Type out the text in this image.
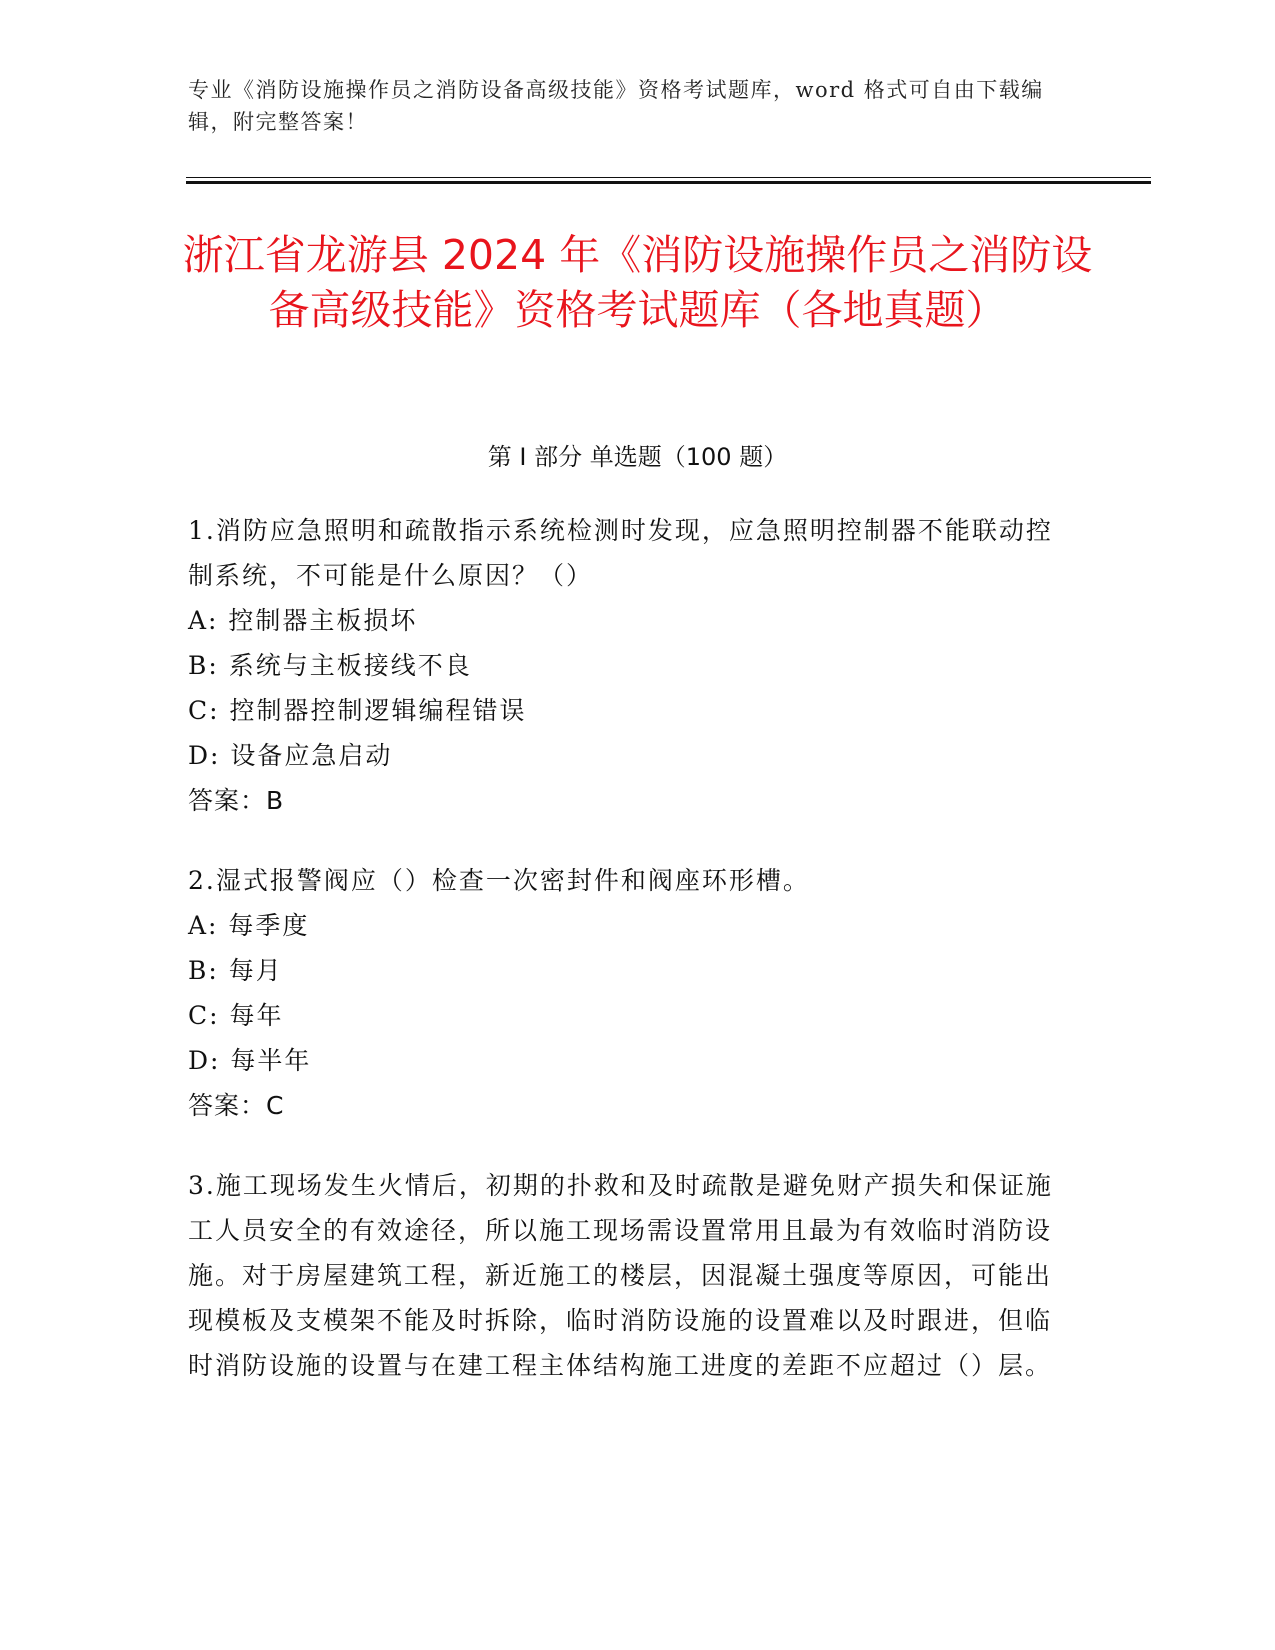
专业《消防设施操作员之消防设备高级技能》资格考试题库，word 格式可自由下载编辑，附完整答案！
浙江省龙游县 2024 年《消防设施操作员之消防设备高级技能》资格考试题库（各地真题）
第 I 部分 单选题（100 题）

1.消防应急照明和疏散指示系统检测时发现，应急照明控制器不能联动控制系统，不可能是什么原因？（）

A: 控制器主板损坏

B: 系统与主板接线不良

C: 控制器控制逻辑编程错误

D: 设备应急启动

答案：B

2.湿式报警阀应（）检查一次密封件和阀座环形槽。

A: 每季度

B: 每月

C: 每年

D: 每半年

答案：C

3.施工现场发生火情后，初期的扑救和及时疏散是避免财产损失和保证施工人员安全的有效途径，所以施工现场需设置常用且最为有效临时消防设施。对于房屋建筑工程，新近施工的楼层，因混凝土强度等原因，可能出现模板及支模架不能及时拆除，临时消防设施的设置难以及时跟进，但临时消防设施的设置与在建工程主体结构施工进度的差距不应超过（）层。
